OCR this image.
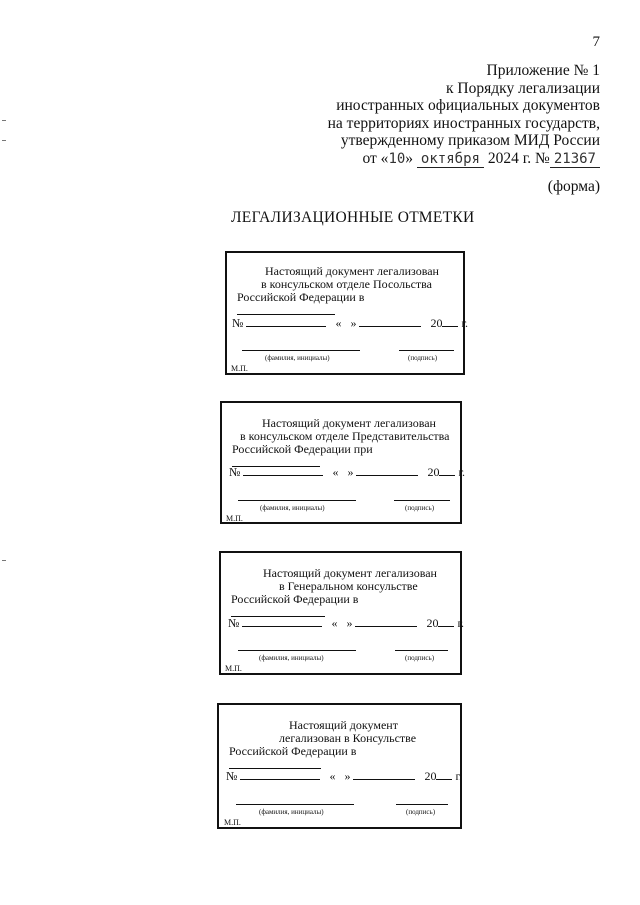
7
Приложение № 1
к Порядку легализации
иностранных официальных документов
на территориях иностранных государств,
утвержденному приказом МИД России
от «10» октября 2024 г. № 21367
(форма)
ЛЕГАЛИЗАЦИОННЫЕ ОТМЕТКИ
Настоящий документ легализован
в консульском отделе Посольства
Российской Федерации в
№	« »	20 г.
(фамилия, инициалы)	(подпись)
М.П.
Настоящий документ легализован
в консульском отделе Представительства
Российской Федерации при
№	« »	20 г.
(фамилия, инициалы)	(подпись)
М.П.
Настоящий документ легализован
в Генеральном консульстве
Российской Федерации в
№	« »	20 г.
(фамилия, инициалы)	(подпись)
М.П.
Настоящий документ
легализован в Консульстве
Российской Федерации в
№	« »	20 г.
(фамилия, инициалы)	(подпись)
М.П.
